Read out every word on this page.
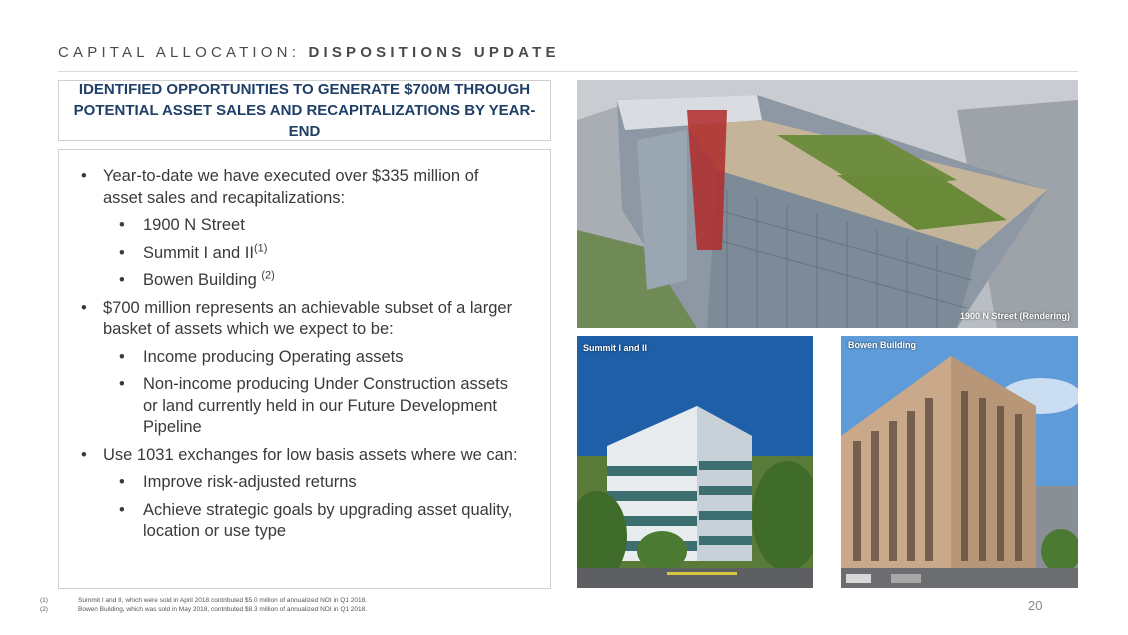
CAPITAL ALLOCATION: DISPOSITIONS UPDATE
IDENTIFIED OPPORTUNITIES TO GENERATE $700M THROUGH POTENTIAL ASSET SALES AND RECAPITALIZATIONS BY YEAR-END
• Year-to-date we have executed over $335 million of asset sales and recapitalizations:
• 1900 N Street
• Summit I and II$^{(1)}$
• Bowen Building $^{(2)}$
• $700 million represents an achievable subset of a larger basket of assets which we expect to be:
• Income producing Operating assets
• Non-income producing Under Construction assets or land currently held in our Future Development Pipeline
• Use 1031 exchanges for low basis assets where we can:
• Improve risk-adjusted returns
• Achieve strategic goals by upgrading asset quality, location or use type
1900 N Street (Rendering)
Summit I and II	Bowen Building
(1)	Summit I and II, which were sold in April 2018 contributed $5.0 million of annualized NOI in Q1 2018.
(2)	Bowen Building, which was sold in May 2018, contributed $8.3 million of annualized NOI in Q1 2018.	20
